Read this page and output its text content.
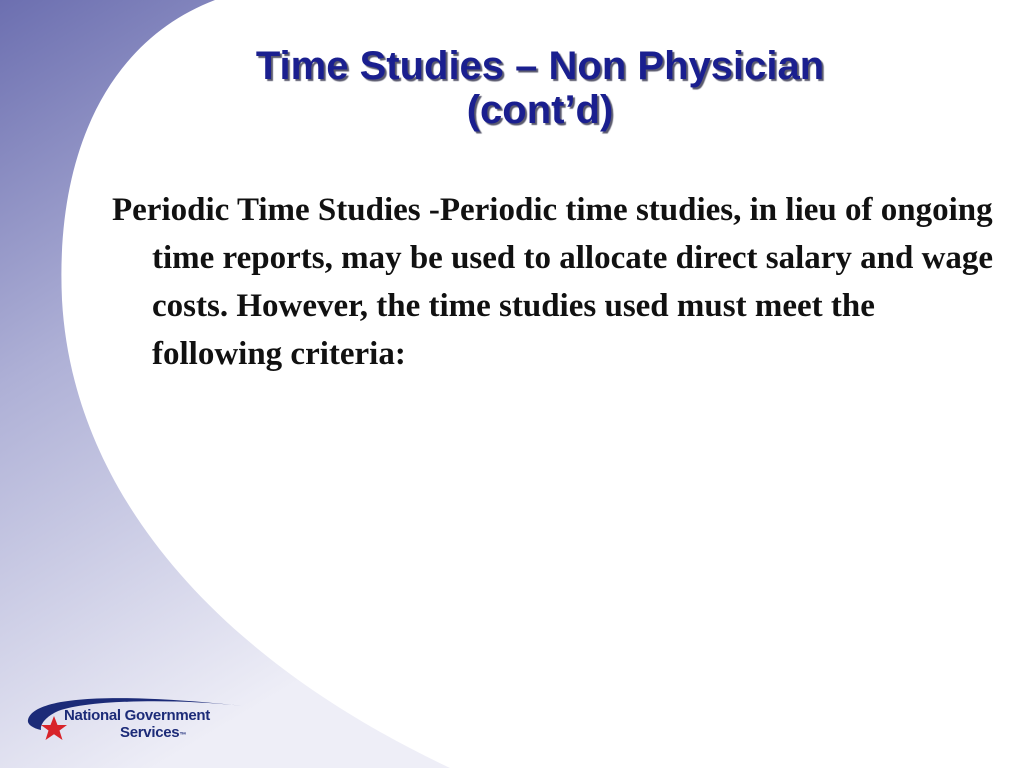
Time Studies – Non Physician
(cont’d)

Periodic Time Studies -Periodic time studies, in lieu of ongoing time reports, may be used to allocate direct salary and wage costs. However, the time studies used must meet the following criteria:

National Government
Services™
